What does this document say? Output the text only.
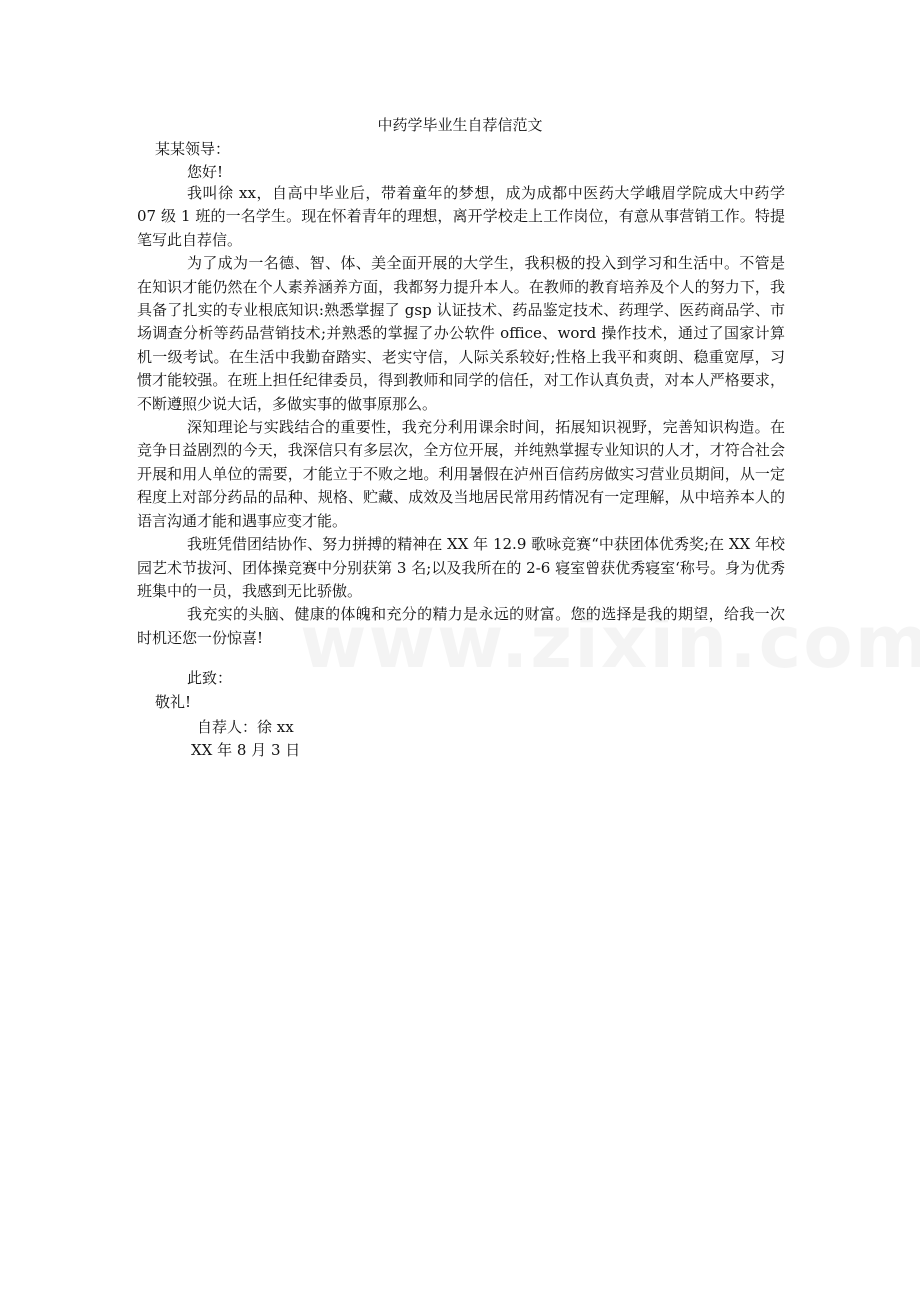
中药学毕业生自荐信范文
某某领导：
您好!

我叫徐 xx，自高中毕业后，带着童年的梦想，成为成都中医药大学峨眉学院成大中药学 07 级 1 班的一名学生。现在怀着青年的理想，离开学校走上工作岗位，有意从事营销工作。特提笔写此自荐信。

为了成为一名德、智、体、美全面开展的大学生，我积极的投入到学习和生活中。不管是在知识才能仍然在个人素养涵养方面，我都努力提升本人。在教师的教育培养及个人的努力下，我具备了扎实的专业根底知识:熟悉掌握了 gsp 认证技术、药品鉴定技术、药理学、医药商品学、市场调查分析等药品营销技术;并熟悉的掌握了办公软件 office、word 操作技术，通过了国家计算机一级考试。在生活中我勤奋踏实、老实守信，人际关系较好;性格上我平和爽朗、稳重宽厚，习惯才能较强。在班上担任纪律委员，得到教师和同学的信任，对工作认真负责，对本人严格要求，不断遵照少说大话，多做实事的做事原那么。

深知理论与实践结合的重要性，我充分利用课余时间，拓展知识视野，完善知识构造。在竞争日益剧烈的今天，我深信只有多层次，全方位开展，并纯熟掌握专业知识的人才，才符合社会开展和用人单位的需要，才能立于不败之地。利用暑假在泸州百信药房做实习营业员期间，从一定程度上对部分药品的品种、规格、贮藏、成效及当地居民常用药情况有一定理解，从中培养本人的语言沟通才能和遇事应变才能。

我班凭借团结协作、努力拼搏的精神在 XX 年 12.9 歌咏竞赛“中获团体优秀奖;在 XX 年校园艺术节拔河、团体操竞赛中分别获第 3 名;以及我所在的 2-6 寝室曾获优秀寝室‘称号。身为优秀班集中的一员，我感到无比骄傲。

我充实的头脑、健康的体魄和充分的精力是永远的财富。您的选择是我的期望，给我一次时机还您一份惊喜!

此致：
敬礼!
自荐人：徐 xx
XX 年 8 月 3 日
